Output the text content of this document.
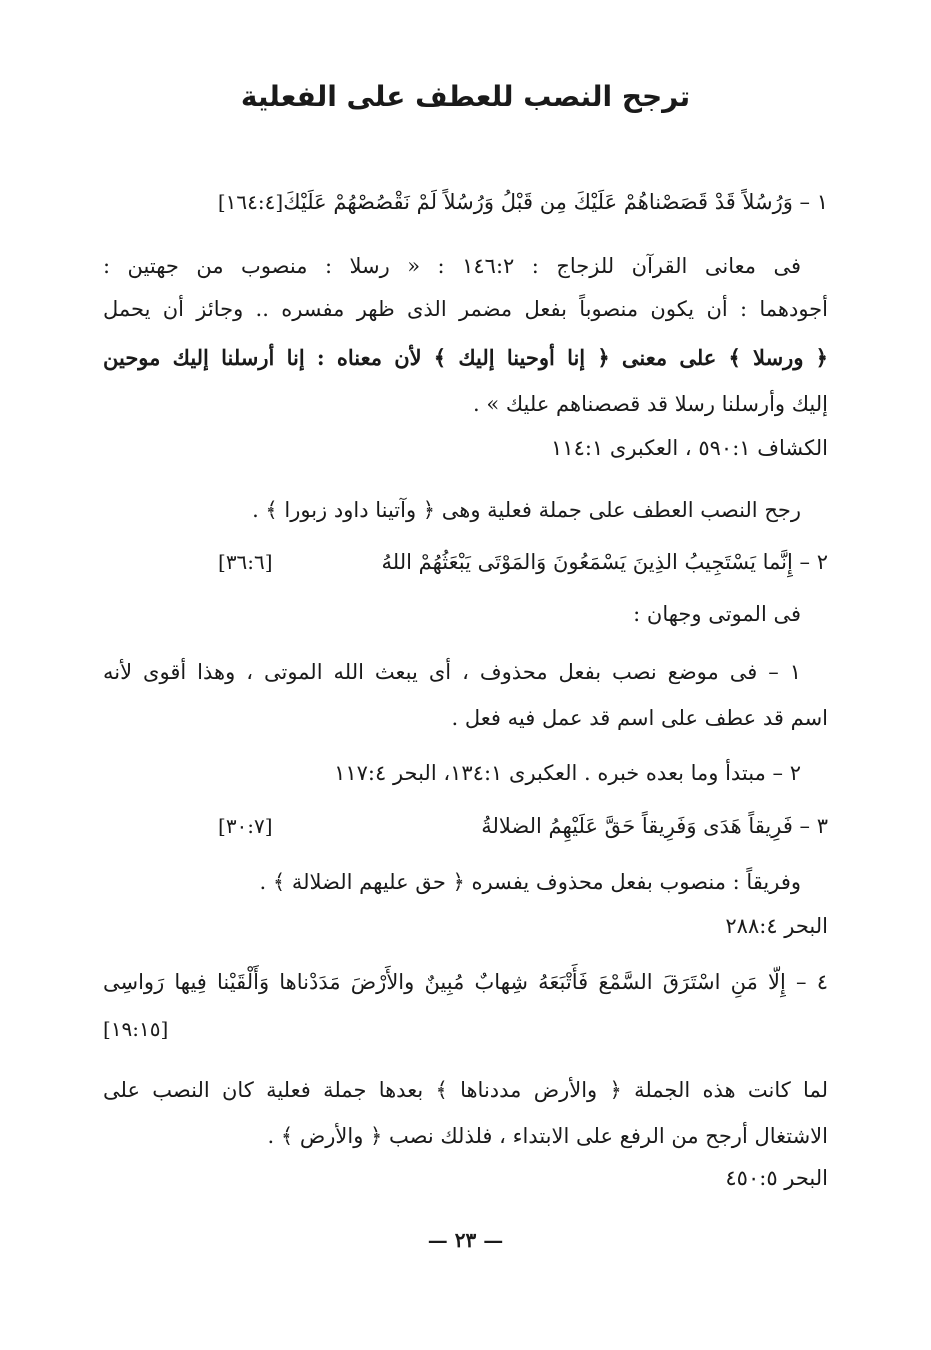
ترجح النصب للعطف على الفعلية
١ – وَرُسُلاً قَدْ قَصَصْناهُمْ عَلَيْكَ مِن قَبْلُ وَرُسُلاً لَمْ نَقْصُصْهُمْ عَلَيْكَ[١٦٤:٤]
فى معانى القرآن للزجاج : ١٤٦:٢ : « رسلا : منصوب من جهتين :
أجودهما : أن يكون منصوباً بفعل مضمر الذى ظهر مفسره .. وجائز أن يحمل
﴿ ورسلا ﴾ على معنى ﴿ إنا أوحينا إليك ﴾ لأن معناه : إنا أرسلنا إليك موحين
إليك وأرسلنا رسلا قد قصصناهم عليك » .
الكشاف ٥٩٠:١ ، العكبرى ١١٤:١
رجح النصب العطف على جملة فعلية وهى ﴿ وآتينا داود زبورا ﴾ .
٢ – إِنَّما يَسْتَجِيبُ الذِينَ يَسْمَعُونَ وَالمَوْتَى يَبْعَثُهُمْ اللهُ
[٣٦:٦]
فى الموتى وجهان :
١ – فى موضع نصب بفعل محذوف ، أى يبعث الله الموتى ، وهذا أقوى لأنه
اسم قد عطف على اسم قد عمل فيه فعل .
٢ – مبتدأ وما بعده خبره . العكبرى ١٣٤:١، البحر ١١٧:٤
٣ – فَرِيقاً هَدَى وَفَرِيقاً حَقَّ عَلَيْهِمُ الضلالةُ
[٣٠:٧]
وفريقاً : منصوب بفعل محذوف يفسره ﴿ حق عليهم الضلالة ﴾ .
البحر ٢٨٨:٤
٤ – إِلّا مَنِ اسْتَرَقَ السَّمْعَ فَأَتْبَعَهُ شِهابٌ مُبِينٌ والأَرْضَ مَدَدْناها وَأَلْقَيْنا فِيها رَواسِى
[١٩:١٥]
لما كانت هذه الجملة ﴿ والأرض مددناها ﴾ بعدها جملة فعلية كان النصب على
الاشتغال أرجح من الرفع على الابتداء ، فلذلك نصب ﴿ والأرض ﴾ .
البحر ٤٥٠:٥
— ٢٣ —
